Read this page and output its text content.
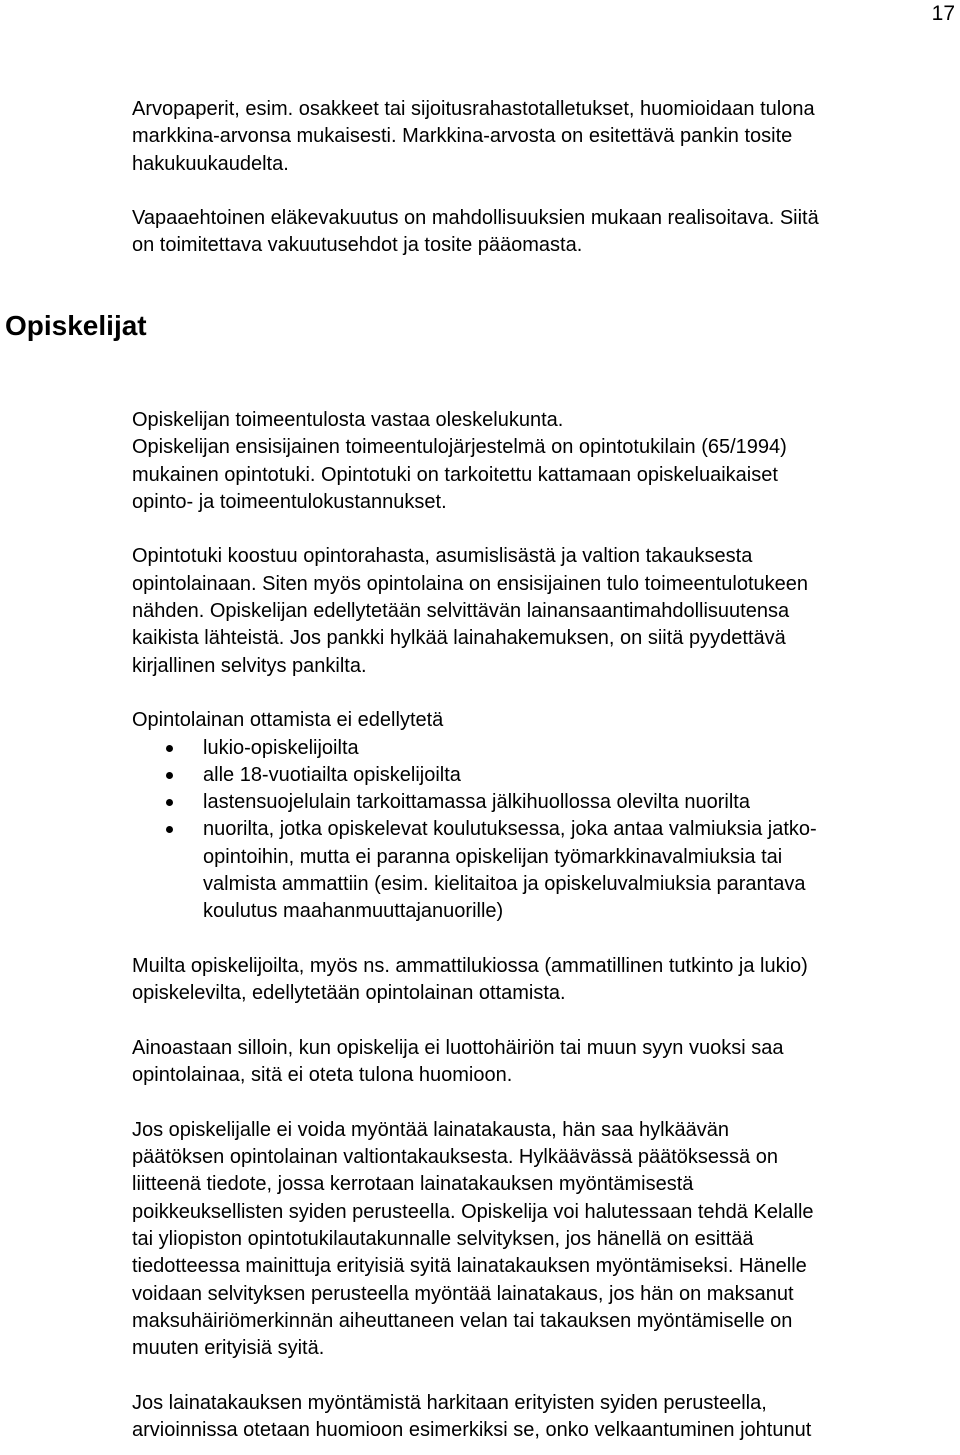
17

Arvopaperit, esim. osakkeet tai sijoitusrahastotalletukset, huomioidaan tulona
markkina-arvonsa mukaisesti. Markkina-arvosta on esitettävä pankin tosite
hakukuukaudelta.

Vapaaehtoinen eläkevakuutus on mahdollisuuksien mukaan realisoitava. Siitä
on toimitettava vakuutusehdot ja tosite pääomasta.

Opiskelijat

Opiskelijan toimeentulosta vastaa oleskelukunta.
Opiskelijan ensisijainen toimeentulojärjestelmä on opintotukilain (65/1994)
mukainen opintotuki. Opintotuki on tarkoitettu kattamaan opiskeluaikaiset
opinto- ja toimeentulokustannukset.

Opintotuki koostuu opintorahasta, asumislisästä ja valtion takauksesta
opintolainaan. Siten myös opintolaina on ensisijainen tulo toimeentulotukeen
nähden. Opiskelijan edellytetään selvittävän lainansaantimahdollisuutensa
kaikista lähteistä. Jos pankki hylkää lainahakemuksen, on siitä pyydettävä
kirjallinen selvitys pankilta.

Opintolainan ottamista ei edellytetä

lukio-opiskelijoilta
alle 18-vuotiailta opiskelijoilta
lastensuojelulain tarkoittamassa jälkihuollossa olevilta nuorilta
nuorilta, jotka opiskelevat koulutuksessa, joka antaa valmiuksia jatko-
opintoihin, mutta ei paranna opiskelijan työmarkkinavalmiuksia tai
valmista ammattiin (esim. kielitaitoa ja opiskeluvalmiuksia parantava
koulutus maahanmuuttajanuorille)

Muilta opiskelijoilta, myös ns. ammattilukiossa (ammatillinen tutkinto ja lukio)
opiskelevilta, edellytetään opintolainan ottamista.

Ainoastaan silloin, kun opiskelija ei luottohäiriön tai muun syyn vuoksi saa
opintolainaa, sitä ei oteta tulona huomioon.

Jos opiskelijalle ei voida myöntää lainatakausta, hän saa hylkäävän
päätöksen opintolainan valtiontakauksesta. Hylkäävässä päätöksessä on
liitteenä tiedote, jossa kerrotaan lainatakauksen myöntämisestä
poikkeuksellisten syiden perusteella. Opiskelija voi halutessaan tehdä Kelalle
tai yliopiston opintotukilautakunnalle selvityksen, jos hänellä on esittää
tiedotteessa mainittuja erityisiä syitä lainatakauksen myöntämiseksi. Hänelle
voidaan selvityksen perusteella myöntää lainatakaus, jos hän on maksanut
maksuhäiriömerkinnän aiheuttaneen velan tai takauksen myöntämiselle on
muuten erityisiä syitä.

Jos lainatakauksen myöntämistä harkitaan erityisten syiden perusteella,
arvioinnissa otetaan huomioon esimerkiksi se, onko velkaantuminen johtunut
